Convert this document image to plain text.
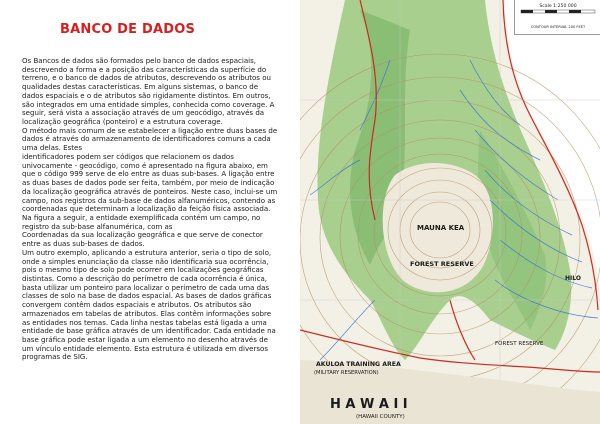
BANCO DE DADOS

Os Bancos de dados são formados pelo banco de dados espaciais,

descrevendo a forma e a posição das características da superfície do

terreno, e o banco de dados de atributos, descrevendo os atributos ou

qualidades destas características. Em alguns sistemas, o banco de

dados espaciais e o de atributos são rigidamente distintos. Em outros,

são integrados em uma entidade simples, conhecida como coverage. A

seguir, será vista a associação através de um geocódigo, através da

localização geográfica (ponteiro) e a estrutura coverage.

O método mais comum de se estabelecer a ligação entre duas bases de

dados é através do armazenamento de identificadores comuns a cada

uma delas. Estes

identificadores podem ser códigos que relacionem os dados

univocamente - geocódigo, como é apresentado na figura abaixo, em

que o código 999 serve de elo entre as duas sub-bases. A ligação entre

as duas bases de dados pode ser feita, também, por meio de indicação

da localização geográfica através de ponteiros. Neste caso, inclui-se um

campo, nos registros da sub-base de dados alfanuméricos, contendo as

coordenadas que determinam a localização da feição física associada.

Na figura a seguir, a entidade exemplificada contém um campo, no

registro da sub-base alfanumérica, com as

Coordenadas da sua localização geográfica e que serve de conector

entre as duas sub-bases de dados.

Um outro exemplo, aplicando a estrutura anterior, seria o tipo de solo,

onde a simples enunciação da classe não identificaria sua ocorrência,

pois o mesmo tipo de solo pode ocorrer em localizações geográficas

distintas. Como a descrição do perímetro de cada ocorrência é única,

basta utilizar um ponteiro para localizar o perímetro de cada uma das

classes de solo na base de dados espacial. As bases de dados gráficas

convergem contêm dados espaciais e atributos. Os atributos são

armazenados em tabelas de atributos. Elas contêm informações sobre

as entidades nos temas. Cada linha nestas tabelas está ligada a uma

entidade de base gráfica através de um identificador. Cada entidade na

base gráfica pode estar ligada a um elemento no desenho através de

um vínculo entidade elemento. Esta estrutura é utilizada em diversos

programas de SIG.

MAUNA KEA
FOREST RESERVE
HILO
FOREST RESERVE
AKULOA TRAINING AREA
(MILITARY RESERVATION)
H A W A I I
(HAWAII COUNTY)
Scale 1:250 000
CONTOUR INTERVAL 200 FEET
